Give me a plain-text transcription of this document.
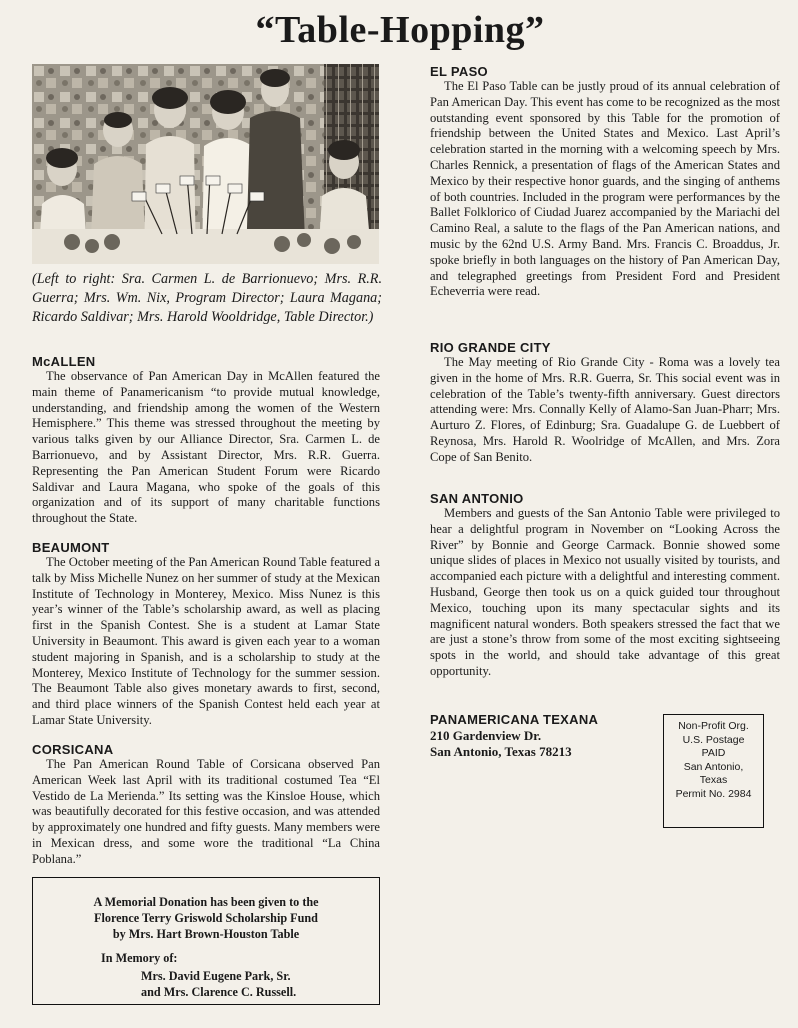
“Table-Hopping”

(Left to right: Sra. Carmen L. de Barrionuevo; Mrs. R.R. Guerra; Mrs. Wm. Nix, Program Director; Laura Magana; Ricardo Saldivar; Mrs. Harold Wooldridge, Table Director.)

McALLEN

The observance of Pan American Day in McAllen featured the main theme of Panamericanism “to provide mutual knowledge, understanding, and friendship among the women of the Western Hemisphere.” This theme was stressed throughout the meeting by various talks given by our Alliance Director, Sra. Carmen L. de Barrionuevo, and by Assistant Director, Mrs. R.R. Guerra. Representing the Pan American Student Forum were Ricardo Saldivar and Laura Magana, who spoke of the goals of this organization and of its support of many charitable functions throughout the State.

BEAUMONT

The October meeting of the Pan American Round Table featured a talk by Miss Michelle Nunez on her summer of study at the Mexican Institute of Technology in Monterey, Mexico. Miss Nunez is this year’s winner of the Table’s scholarship award, as well as placing first in the Spanish Contest. She is a student at Lamar State University in Beaumont. This award is given each year to a woman student majoring in Spanish, and is a scholarship to study at the Monterey, Mexico Institute of Technology for the summer session. The Beaumont Table also gives monetary awards to first, second, and third place winners of the Spanish Contest held each year at Lamar State University.

CORSICANA

The Pan American Round Table of Corsicana observed Pan American Week last April with its traditional costumed Tea “El Vestido de La Merienda.” Its setting was the Kinsloe House, which was beautifully decorated for this festive occasion, and was attended by approximately one hundred and fifty guests. Many members were in Mexican dress, and some wore the traditional “La China Poblana.”

EL PASO

The El Paso Table can be justly proud of its annual celebration of Pan American Day. This event has come to be recognized as the most outstanding event sponsored by this Table for the promotion of friendship between the United States and Mexico. Last April’s celebration started in the morning with a welcoming speech by Mrs. Charles Rennick, a presentation of flags of the American States and Mexico by their respective honor guards, and the singing of anthems of both countries. Included in the program were performances by the Ballet Folklorico of Ciudad Juarez accompanied by the Mariachi del Camino Real, a salute to the flags of the Pan American nations, and music by the 62nd U.S. Army Band. Mrs. Francis C. Broaddus, Jr. spoke briefly in both languages on the history of Pan American Day, and telegraphed greetings from President Ford and President Echeverria were read.

RIO GRANDE CITY

The May meeting of Rio Grande City - Roma was a lovely tea given in the home of Mrs. R.R. Guerra, Sr. This social event was in celebration of the Table’s twenty-fifth anniversary. Guest directors attending were: Mrs. Connally Kelly of Alamo-San Juan-Pharr; Mrs. Aurturo Z. Flores, of Edinburg; Sra. Guadalupe G. de Luebbert of Reynosa, Mrs. Harold R. Woolridge of McAllen, and Mrs. Zora Cope of San Benito.

SAN ANTONIO

Members and guests of the San Antonio Table were privileged to hear a delightful program in November on “Looking Across the River” by Bonnie and George Carmack. Bonnie showed some unique slides of places in Mexico not usually visited by tourists, and accompanied each picture with a delightful and interesting comment. Husband, George then took us on a quick guided tour throughout Mexico, touching upon its many spectacular sights and its magnificent natural wonders. Both speakers stressed the fact that we are just a stone’s throw from some of the most exciting sightseeing spots in the world, and should take advantage of this great opportunity.

A Memorial Donation has been given to the
Florence Terry Griswold Scholarship Fund
by Mrs. Hart Brown-Houston Table
In Memory of:
Mrs. David Eugene Park, Sr.
and Mrs. Clarence C. Russell.
PANAMERICANA TEXANA
210 Gardenview Dr.
San Antonio, Texas 78213
Non-Profit Org.
U.S. Postage
PAID
San Antonio,
Texas
Permit No. 2984
